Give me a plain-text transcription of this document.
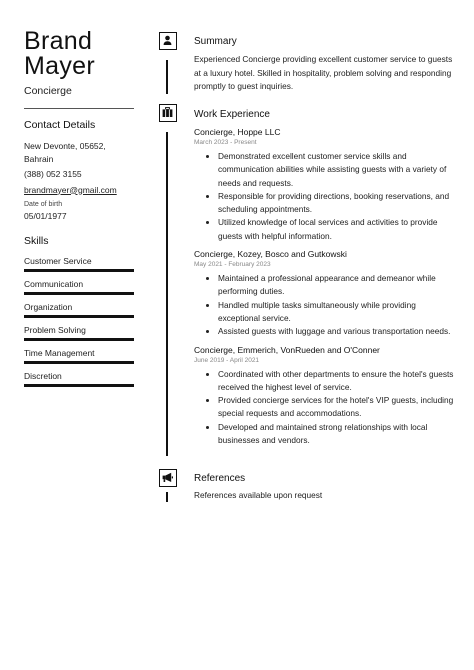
Brand
Mayer
Concierge
Contact Details
New Devonte, 05652,
Bahrain
(388) 052 3155
brandmayer@gmail.com
Date of birth
05/01/1977
Skills
Customer Service
Communication
Organization
Problem Solving
Time Management
Discretion
Summary
Experienced Concierge providing excellent customer service to guests at a luxury hotel. Skilled in hospitality, problem solving and responding promptly to guest inquiries.
Work Experience
Concierge, Hoppe LLC
March 2023 - Present
• Demonstrated excellent customer service skills and communication abilities while assisting guests with a variety of needs and requests.
• Responsible for providing directions, booking reservations, and scheduling appointments.
• Utilized knowledge of local services and activities to provide guests with helpful information.
Concierge, Kozey, Bosco and Gutkowski
May 2021 - February 2023
• Maintained a professional appearance and demeanor while performing duties.
• Handled multiple tasks simultaneously while providing exceptional service.
• Assisted guests with luggage and various transportation needs.
Concierge, Emmerich, VonRueden and O'Conner
June 2019 - April 2021
• Coordinated with other departments to ensure the hotel's guests received the highest level of service.
• Provided concierge services for the hotel's VIP guests, including special requests and accommodations.
• Developed and maintained strong relationships with local businesses and vendors.
References
References available upon request
